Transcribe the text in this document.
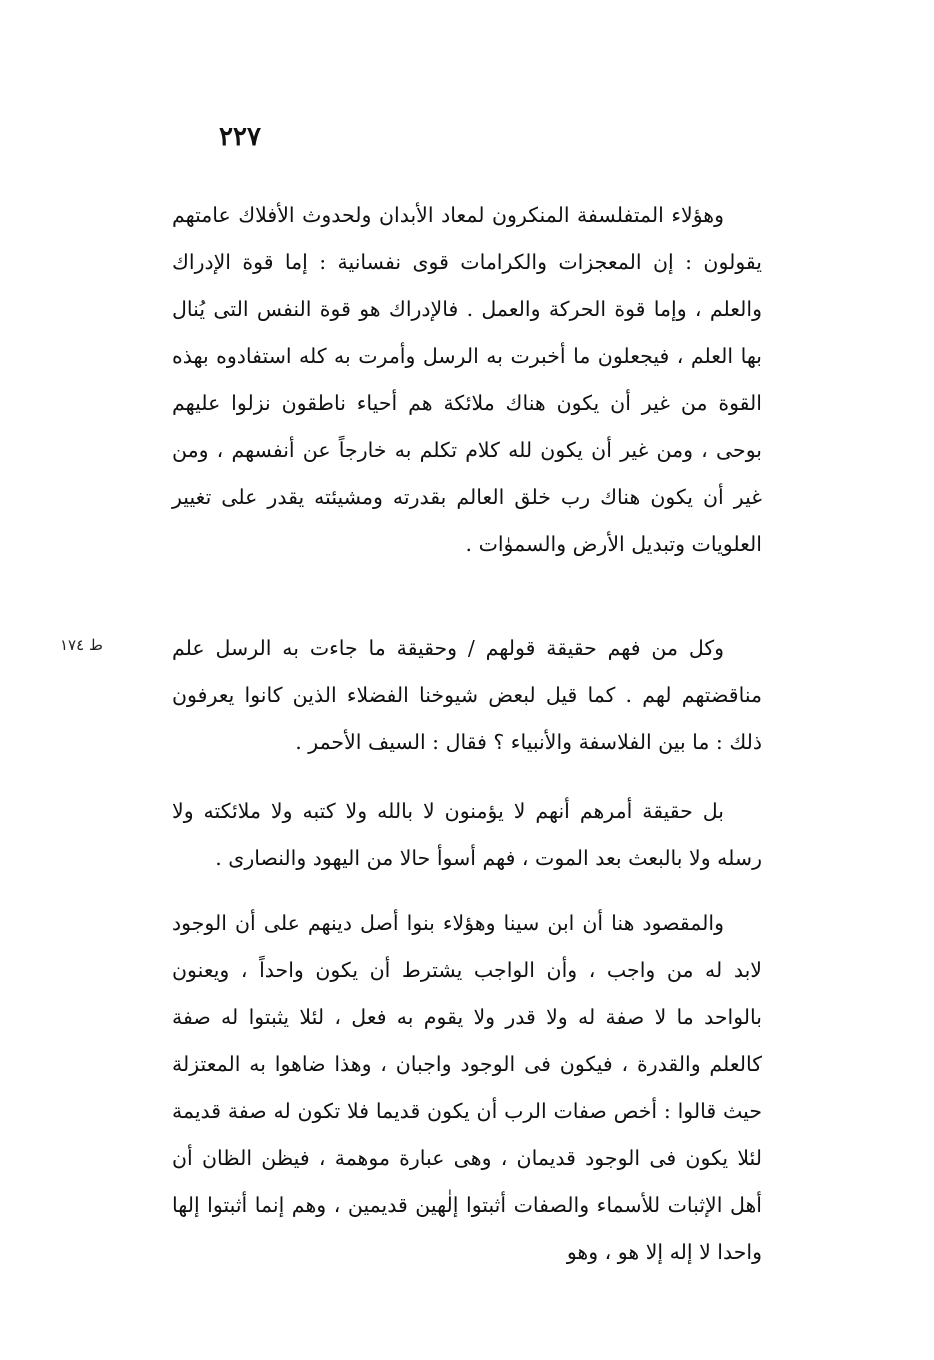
٢٢٧
ط ١٧٤

وهؤلاء المتفلسفة المنكرون لمعاد الأبدان ولحدوث الأفلاك عامتهم يقولون : إن المعجزات والكرامات قوى نفسانية : إما قوة الإدراك والعلم ، وإما قوة الحركة والعمل . فالإدراك هو قوة النفس التى يُنال بها العلم ، فيجعلون ما أخبرت به الرسل وأمرت به كله استفادوه بهذه القوة من غير أن يكون هناك ملائكة هم أحياء ناطقون نزلوا عليهم بوحى ، ومن غير أن يكون لله كلام تكلم به خارجاً عن أنفسهم ، ومن غير أن يكون هناك رب خلق العالم بقدرته ومشيئته يقدر على تغيير العلويات وتبديل الأرض والسموٰات .

وكل من فهم حقيقة قولهم / وحقيقة ما جاءت به الرسل علم مناقضتهم لهم . كما قيل لبعض شيوخنا الفضلاء الذين كانوا يعرفون ذلك : ما بين الفلاسفة والأنبياء ؟ فقال : السيف الأحمر .

بل حقيقة أمرهم أنهم لا يؤمنون لا بالله ولا كتبه ولا ملائكته ولا رسله ولا بالبعث بعد الموت ، فهم أسوأ حالا من اليهود والنصارى .

والمقصود هنا أن ابن سينا وهؤلاء بنوا أصل دينهم على أن الوجود لابد له من واجب ، وأن الواجب يشترط أن يكون واحداً ، ويعنون بالواحد ما لا صفة له ولا قدر ولا يقوم به فعل ، لئلا يثبتوا له صفة كالعلم والقدرة ، فيكون فى الوجود واجبان ، وهذا ضاهوا به المعتزلة حيث قالوا : أخص صفات الرب أن يكون قديما فلا تكون له صفة قديمة لئلا يكون فى الوجود قديمان ، وهى عبارة موهمة ، فيظن الظان أن أهل الإثبات للأسماء والصفات أثبتوا إلٰهين قديمين ، وهم إنما أثبتوا إلها واحدا لا إله إلا هو ، وهو
